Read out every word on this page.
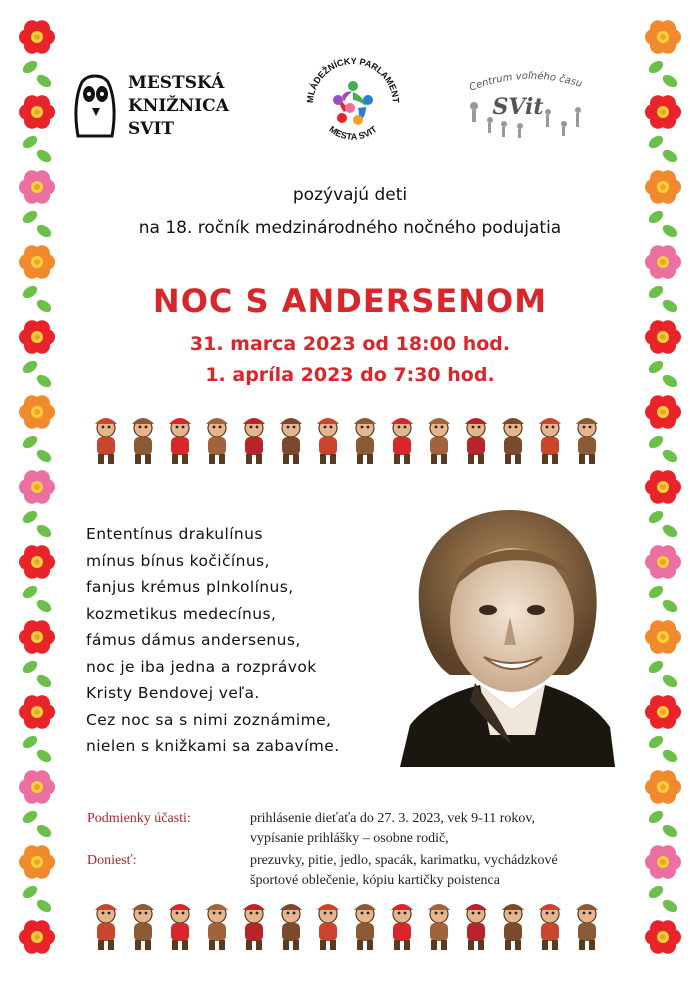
MESTSKÁ
KNIŽNICA
SVIT
MLÁDEŽNÍCKY PARLAMENT
MESTA SVIT
Centrum voľného času
SVit
pozývajú deti
na 18. ročník medzinárodného nočného podujatia
NOC S ANDERSENOM
31. marca 2023 od 18:00 hod.
1. apríla 2023 do 7:30 hod.
Ententínus drakulínus
mínus bínus kočičínus,
fanjus krémus plnkolínus,
kozmetikus medecínus,
fámus dámus andersenus,
noc je iba jedna a rozprávok
Kristy Bendovej veľa.
Cez noc sa s nimi zoznámime,
nielen s knižkami sa zabavíme.
Podmienky účasti:	prihlásenie dieťaťa do 27. 3. 2023, vek 9-11 rokov,
vypísanie prihlášky – osobne rodič,
Doniesť:	prezuvky, pitie, jedlo, spacák, karimatku, vychádzkové
športové oblečenie, kópiu kartičky poistenca
